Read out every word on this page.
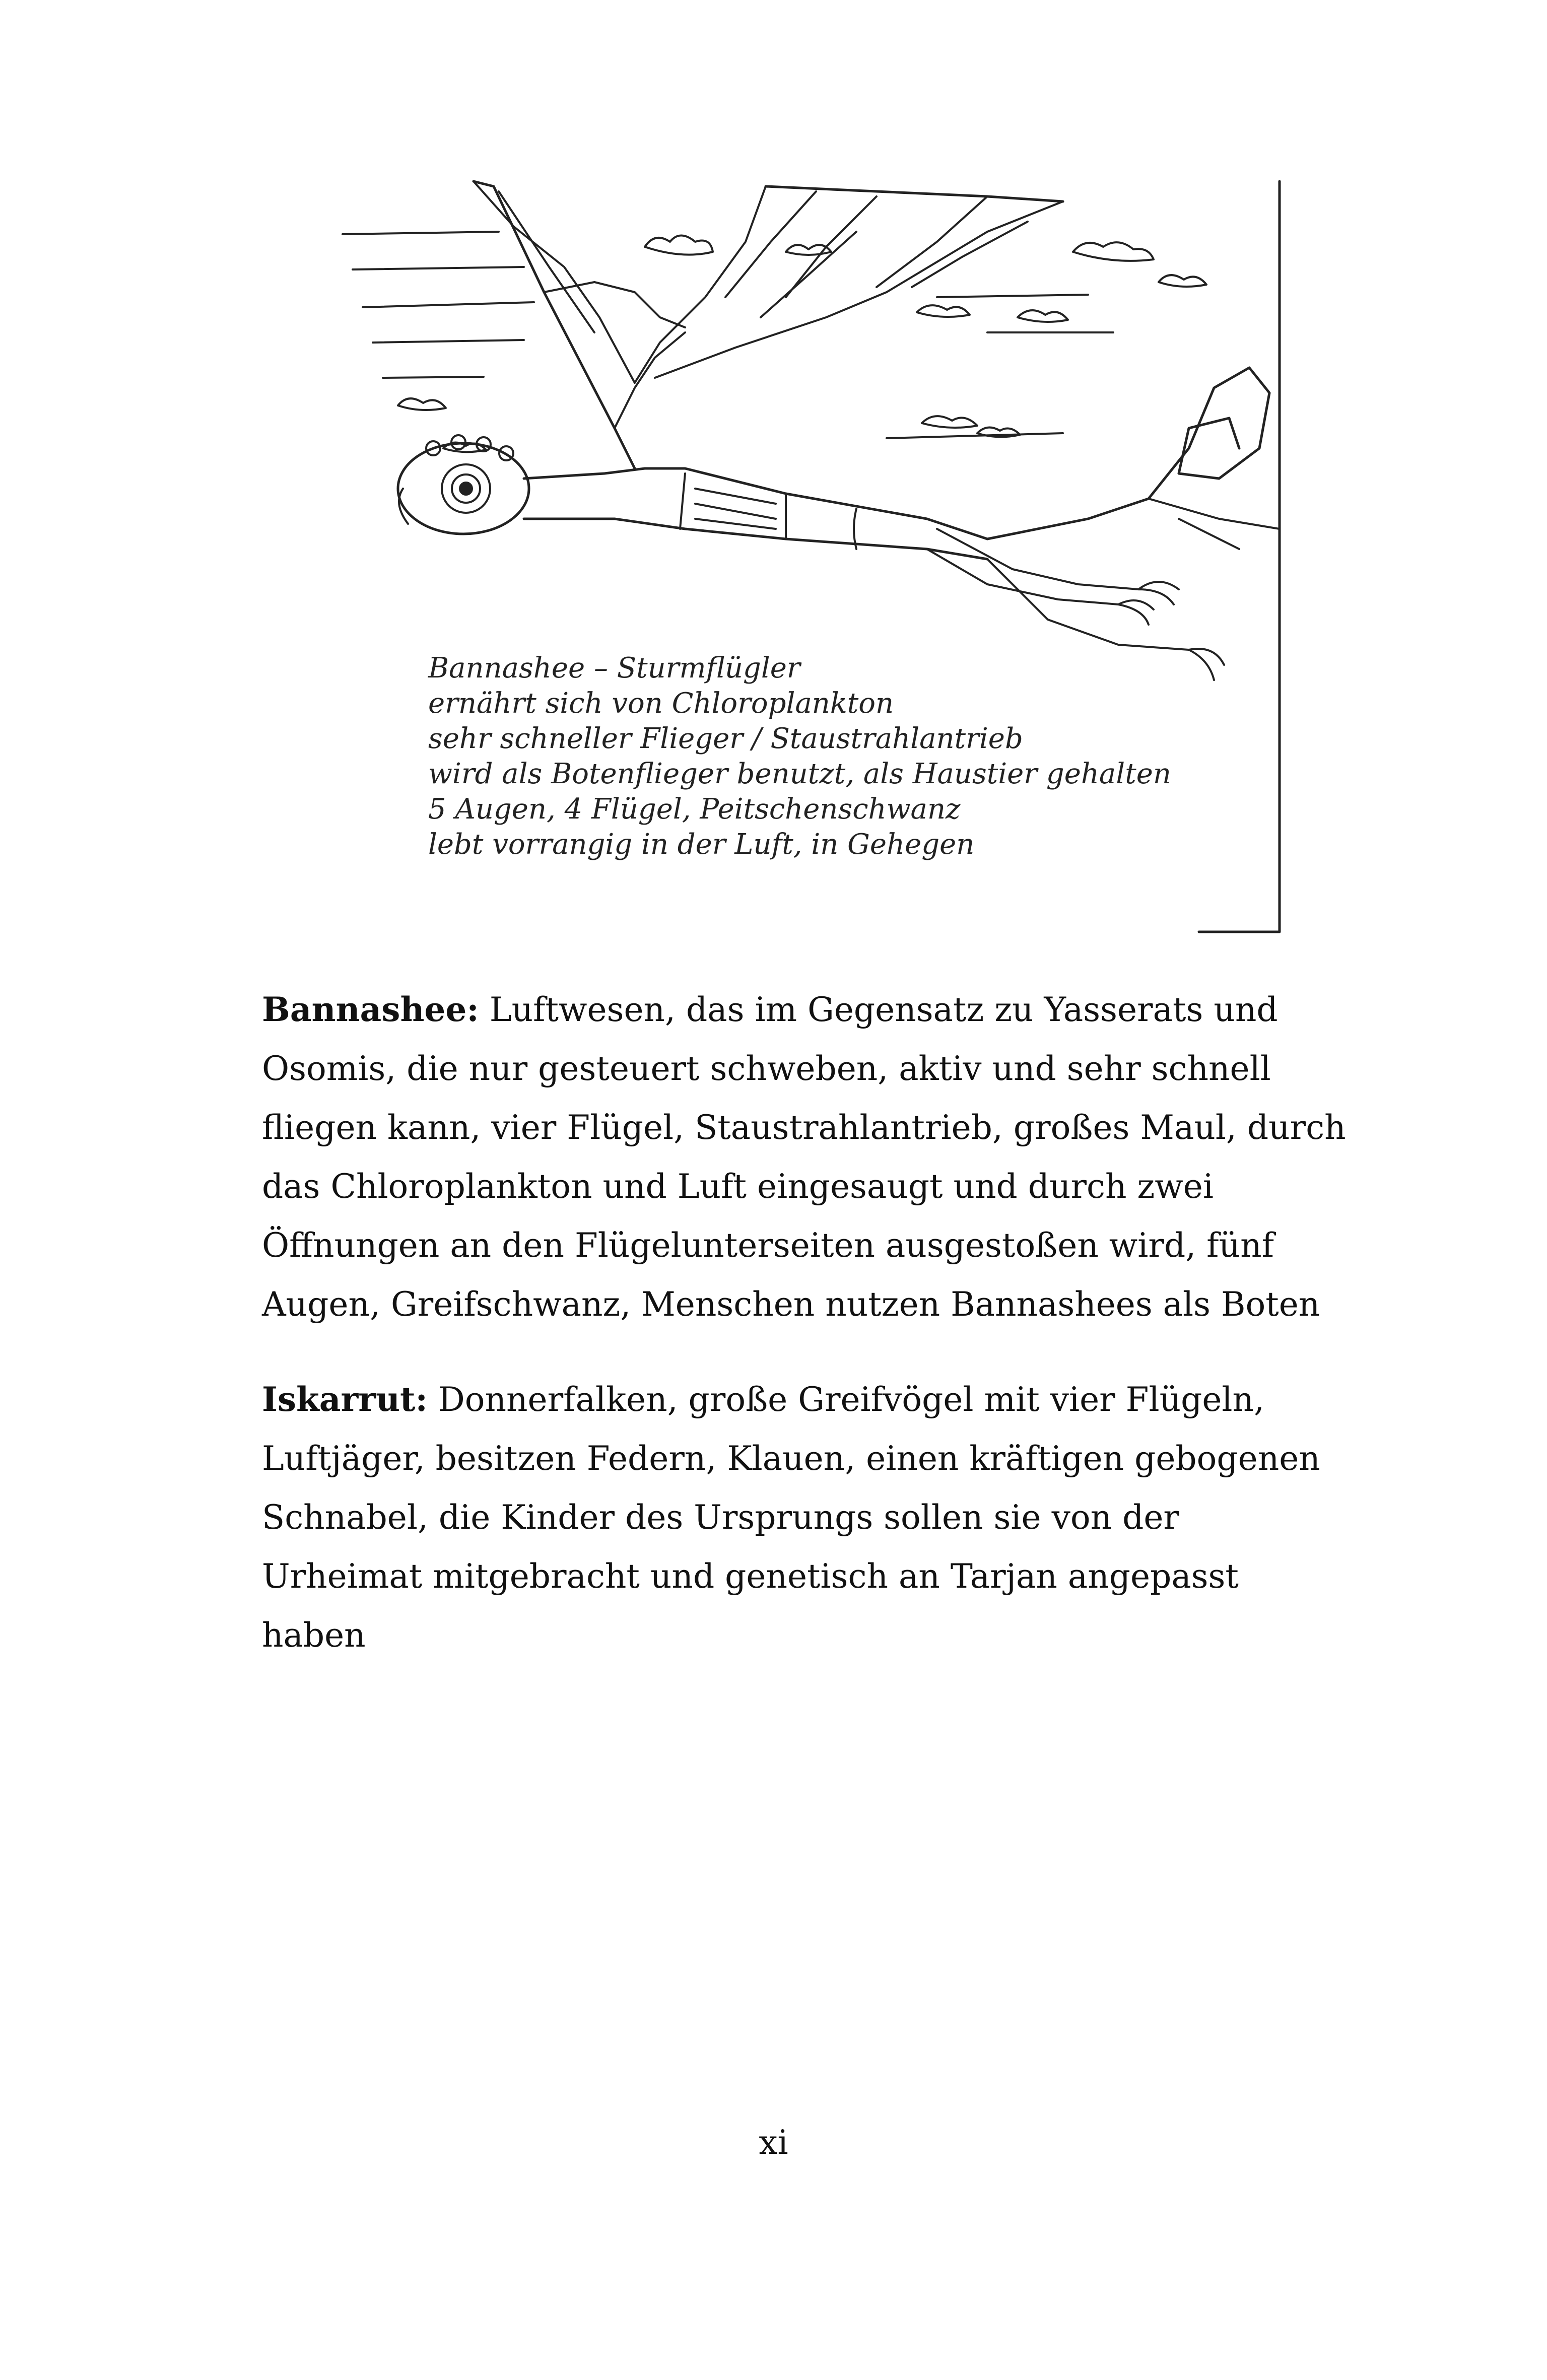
Bannashee – Sturmflügler
ernährt sich von Chloroplankton
sehr schneller Flieger / Staustrahlantrieb
wird als Botenflieger benutzt, als Haustier gehalten
5 Augen, 4 Flügel, Peitschenschwanz
lebt vorrangig in der Luft, in Gehegen

Bannashee: Luftwesen, das im Gegensatz zu Yasserats und Osomis, die nur gesteuert schweben, aktiv und sehr schnell fliegen kann, vier Flügel, Staustrahlantrieb, großes Maul, durch das Chloroplankton und Luft eingesaugt und durch zwei Öffnungen an den Flügelunterseiten ausgestoßen wird, fünf Augen, Greifschwanz, Menschen nutzen Bannashees als Boten

Iskarrut: Donnerfalken, große Greifvögel mit vier Flügeln, Luftjäger, besitzen Federn, Klauen, einen kräftigen gebogenen Schnabel, die Kinder des Ursprungs sollen sie von der Urheimat mitgebracht und genetisch an Tarjan angepasst haben

xi
